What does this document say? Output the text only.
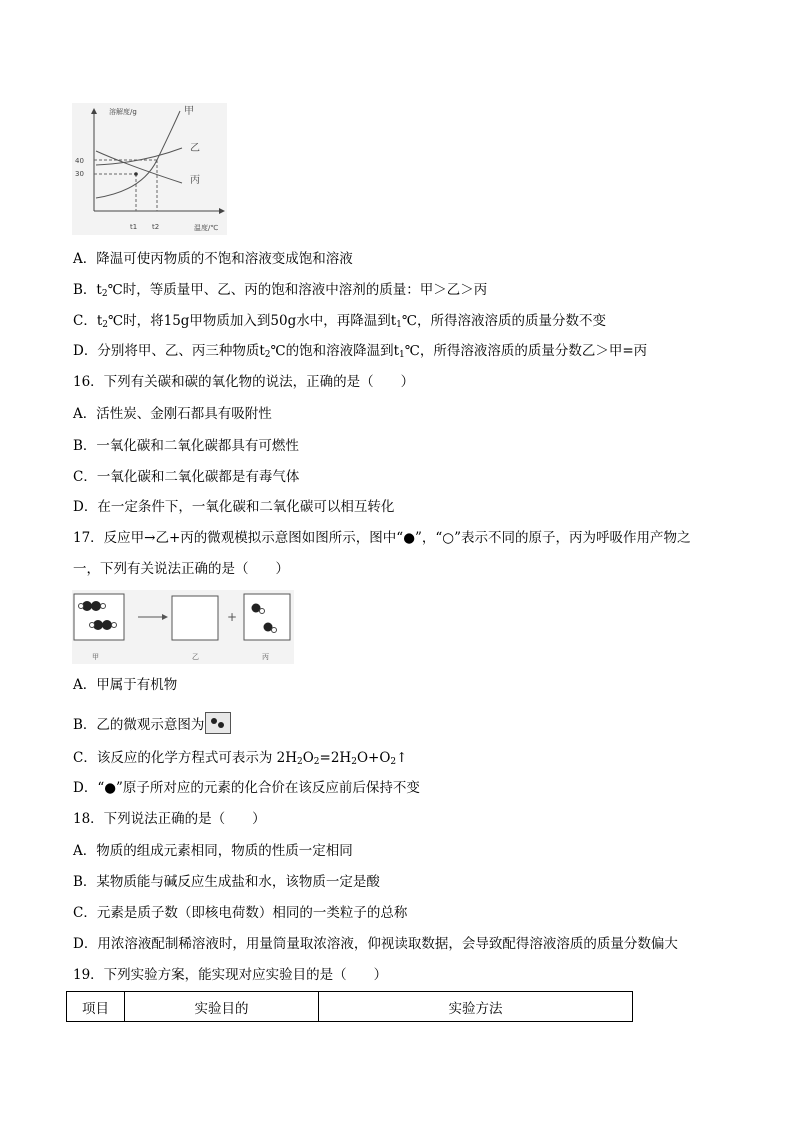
溶解度/g
温度/℃
40
30
t1 t2
甲
乙
丙
A．降温可使丙物质的不饱和溶液变成饱和溶液
B．$t_2℃$时，等质量甲、乙、丙的饱和溶液中溶剂的质量：甲＞乙＞丙
C．$t_2℃$时，将15g甲物质加入到50g水中，再降温到$t_1℃$，所得溶液溶质的质量分数不变
D．分别将甲、乙、丙三种物质$t_2℃$的饱和溶液降温到$t_1℃$，所得溶液溶质的质量分数乙＞甲=丙
16．下列有关碳和碳的氧化物的说法，正确的是（　　）
A．活性炭、金刚石都具有吸附性
B．一氧化碳和二氧化碳都具有可燃性
C．一氧化碳和二氧化碳都是有毒气体
D．在一定条件下，一氧化碳和二氧化碳可以相互转化
17．反应甲→乙+丙的微观模拟示意图如图所示，图中“●”，“○”表示不同的原子，丙为呼吸作用产物之
一，下列有关说法正确的是（　　）
+
甲	乙	丙
A．甲属于有机物
B．乙的微观示意图为
C．该反应的化学方程式可表示为 $2H_2O_2=2H_2O+O_2↑$
D．“●”原子所对应的元素的化合价在该反应前后保持不变
18．下列说法正确的是（　　）
A．物质的组成元素相同，物质的性质一定相同
B．某物质能与碱反应生成盐和水，该物质一定是酸
C．元素是质子数（即核电荷数）相同的一类粒子的总称
D．用浓溶液配制稀溶液时，用量筒量取浓溶液，仰视读取数据，会导致配得溶液溶质的质量分数偏大
19．下列实验方案，能实现对应实验目的是（　　）
项目	实验目的	实验方法
